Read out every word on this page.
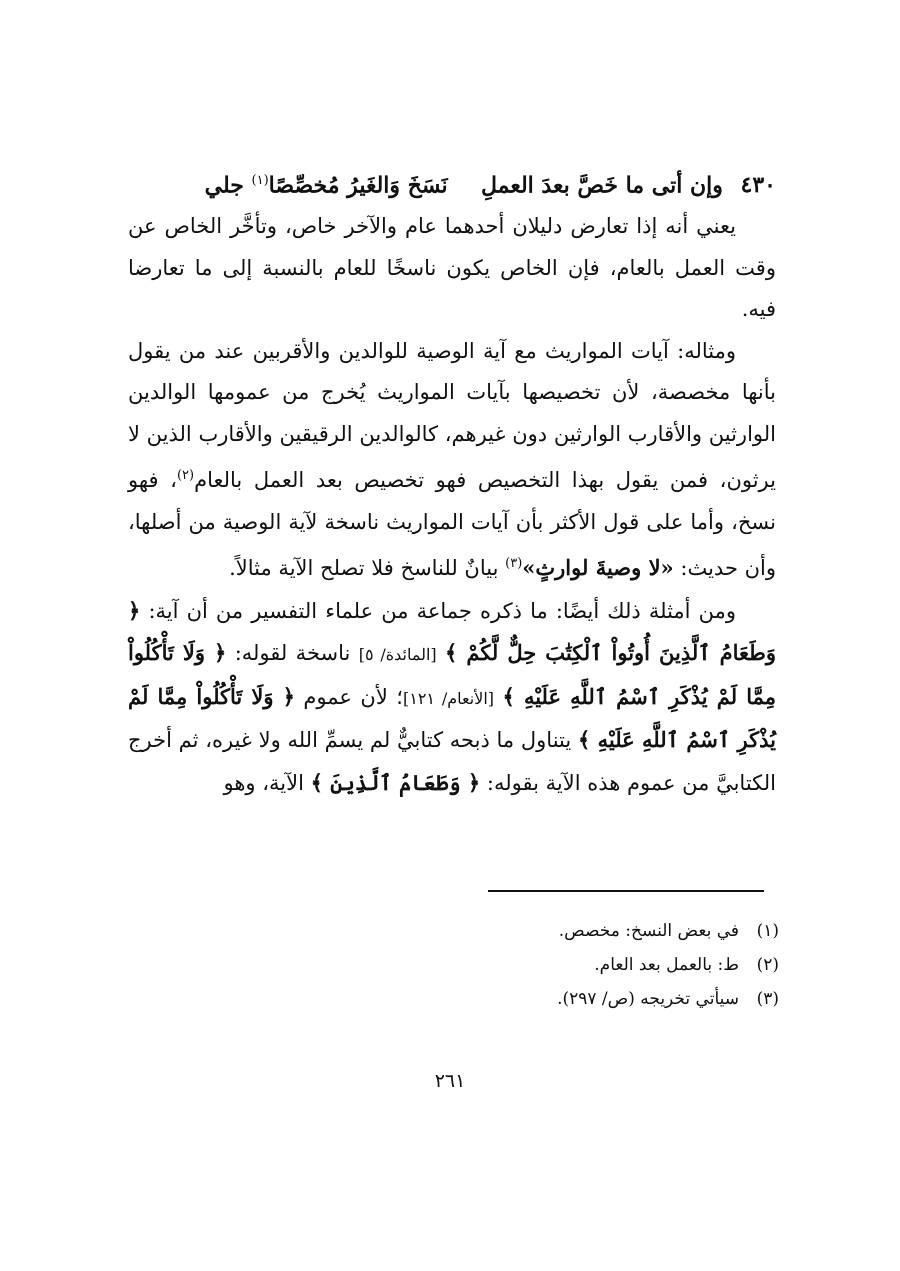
٤٣٠ وإن أتى ما خَصَّ بعدَ العملِ  نَسَخَ وَالغَيرُ مُخصِّصًا$^{(١)}$ جلي

يعني أنه إذا تعارض دليلان أحدهما عام والآخر خاص، وتأخَّر الخاص عن وقت العمل بالعام، فإن الخاص يكون ناسخًا للعام بالنسبة إلى ما تعارضا فيه.

ومثاله: آيات المواريث مع آية الوصية للوالدين والأقربين عند من يقول بأنها مخصصة، لأن تخصيصها بآيات المواريث يُخرج من عمومها الوالدين الوارثين والأقارب الوارثين دون غيرهم، كالوالدين الرقيقين والأقارب الذين لا يرثون، فمن يقول بهذا التخصيص فهو تخصيص بعد العمل بالعام$^{(٢)}$، فهو نسخ، وأما على قول الأكثر بأن آيات المواريث ناسخة لآية الوصية من أصلها، وأن حديث: «لا وصيةَ لوارثٍ»$^{(٣)}$ بيانٌ للناسخ فلا تصلح الآية مثالاً.

ومن أمثلة ذلك أيضًا: ما ذكره جماعة من علماء التفسير من أن آية: ﴿ وَطَعَامُ ٱلَّذِينَ أُوتُواْ ٱلْكِتَٰبَ حِلٌّ لَّكُمْ ﴾ [المائدة/ ٥] ناسخة لقوله: ﴿ وَلَا تَأْكُلُواْ مِمَّا لَمْ يُذْكَرِ ٱسْمُ ٱللَّهِ عَلَيْهِ ﴾ [الأنعام/ ١٢١]؛ لأن عموم ﴿ وَلَا تَأْكُلُواْ مِمَّا لَمْ يُذْكَرِ ٱسْمُ ٱللَّهِ عَلَيْهِ ﴾ يتناول ما ذبحه كتابيٌّ لم يسمِّ الله ولا غيره، ثم أخرج الكتابيَّ من عموم هذه الآية بقوله: ﴿ وَطَعَامُ ٱلَّذِينَ ﴾ الآية، وهو

(١)في بعض النسخ: مخصص.
(٢)ط: بالعمل بعد العام.
(٣)سيأتي تخريجه (ص/ ٢٩٧).
٢٦١
